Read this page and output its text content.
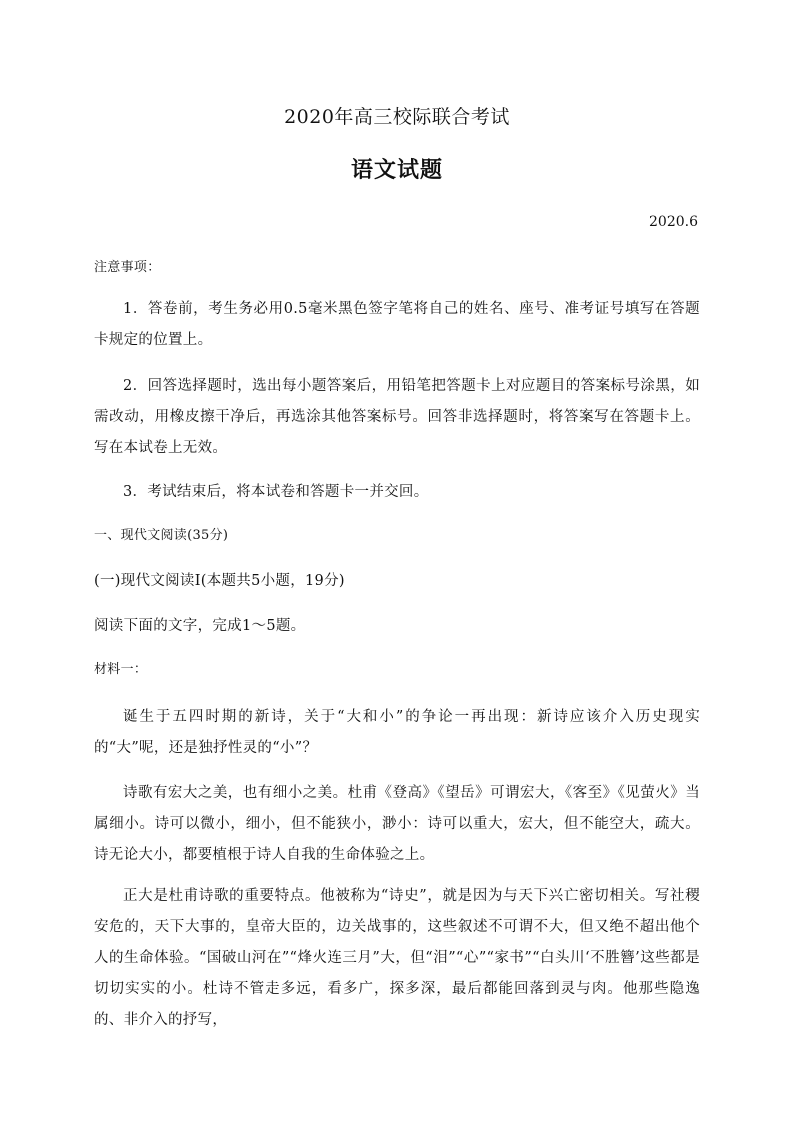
2020年高三校际联合考试
语文试题
2020.6
注意事项：

1．答卷前，考生务必用0.5毫米黑色签字笔将自己的姓名、座号、准考证号填写在答题卡规定的位置上。

2．回答选择题时，选出每小题答案后，用铅笔把答题卡上对应题目的答案标号涂黑，如需改动，用橡皮擦干净后，再选涂其他答案标号。回答非选择题时，将答案写在答题卡上。写在本试卷上无效。

3．考试结束后，将本试卷和答题卡一并交回。

一、现代文阅读(35分)
(一)现代文阅读Ⅰ(本题共5小题，19分)
阅读下面的文字，完成1～5题。
材料一：

诞生于五四时期的新诗，关于“大和小”的争论一再出现：新诗应该介入历史现实的“大”呢，还是独抒性灵的“小”？

诗歌有宏大之美，也有细小之美。杜甫《登高》《望岳》可谓宏大，《客至》《见萤火》当属细小。诗可以微小，细小，但不能狭小，渺小：诗可以重大，宏大，但不能空大，疏大。诗无论大小，都要植根于诗人自我的生命体验之上。

正大是杜甫诗歌的重要特点。他被称为“诗史”，就是因为与天下兴亡密切相关。写社稷安危的，天下大事的，皇帝大臣的，边关战事的，这些叙述不可谓不大，但又绝不超出他个人的生命体验。“国破山河在”“烽火连三月”大，但“泪”“心”“家书”“白头川‘不胜簪’这些都是切切实实的小。杜诗不管走多远，看多广，探多深，最后都能回落到灵与肉。他那些隐逸的、非介入的抒写，
